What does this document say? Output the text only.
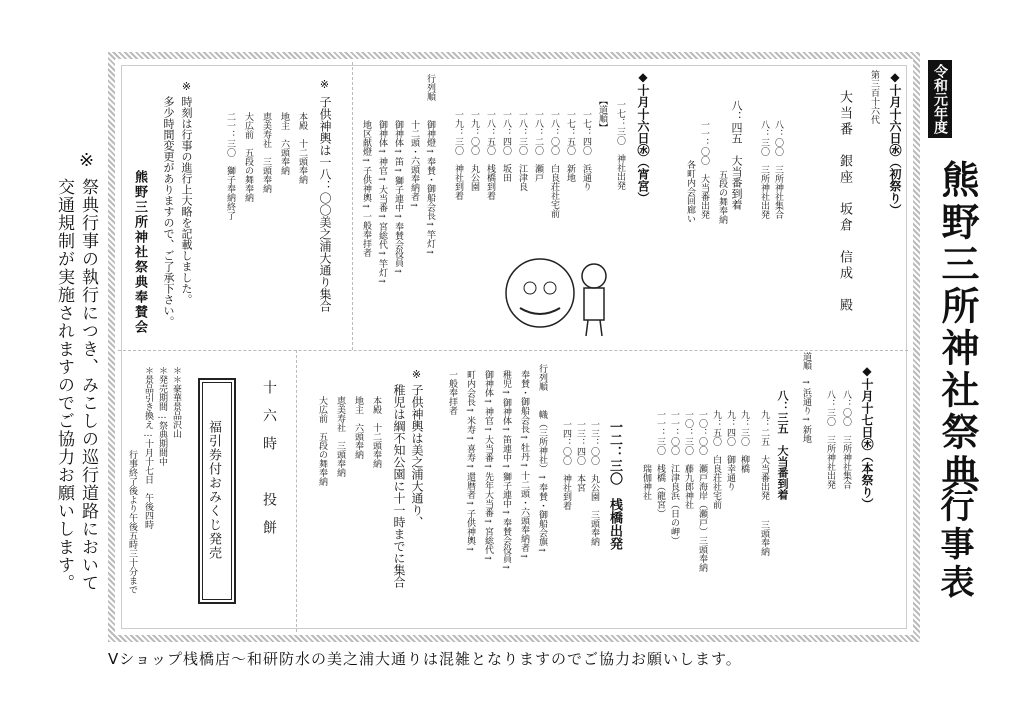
令和元年度
熊野三所神社祭典
行事表
※
祭典行事の執行につき、みこしの巡行道路において
交通規制が実施されますのでご協力お願いします。
◆十月十六日㊌（初祭り）
第三百十六代
大当番　銀座　坂倉　信成　殿
八：〇〇　三所神社集合
八：三〇　三所神社出発
八：四五　大当番到着
五段の舞奉納
一一：〇〇　大当番出発
各町内会回廊い
◆十月十六日㊌（宵宮）
一七：三〇　神社出発
【道順】
一七：四〇　浜通り
一七：五〇　新地
一八：〇〇　白良荘社宅前
一八：二〇　瀬戸
一八：三〇　江津良
一八：四〇　坂田
一八：五〇　桟橋到着
一九：〇〇　丸公園
一九：三〇　神社到着
行列順
御神燈→奉賛・御船会長→竿灯→
十二頭・六頭奉納者→
御神体→笛→獅子連中→奉賛会役員→
御神体→神官→大当番→宮総代→竿灯→
地区献燈→子供神輿→一般奉拝者
※
子供神輿は一八：〇〇美之浦大通り集合
本殿　十二頭奉納
地主　六頭奉納
恵美寿社　三頭奉納
大広前　五段の舞奉納
二一：三〇　獅子奉納終了
※
時刻は行事の進行上大略を記載しました。
多少時間変更がありますので、ご了承下さい。
熊野三所神社祭典奉賛会
◆十月十七日㊍（本祭り）
八：〇〇　三所神社集合
八：三〇　三所神社出発
道順
→浜通り→新地
八：三五　大当番到着
九：二五　大当番出発
三頭奉納
九：三〇　柳橋
九：四〇　御幸通り
九：五〇　白良荘社宅前
一〇：〇〇　瀬戸海岸（瀬戸）三頭奉納
一〇：三〇　藤九郎神社
一一：〇〇　江津良浜（日の岬）
一一：三〇　桟橋（龍宮）
　　　　　　瑞伽神社
一二：三〇　桟橋出発
一三：〇〇　丸公園　三頭奉納
一三：四〇　本宮
一四：〇〇　神社到着
行列順
幟（三所神社）→奉賛・御船会旗→
奉賛・御船会長→牡丹→十二頭・六頭奉納者→
稚児→御神体→笛連中→獅子連中→奉賛会役員→
御神体→神官→大当番→先年大当番→宮総代→
町内会長→米寿→喜寿→還暦者→子供神輿→
一般奉拝者
※
子供神輿は美之浦大通り、
稚児は綱不知公園に十一時までに集合
本殿　十二頭奉納
地主　六頭奉納
恵美寿社　三頭奉納
大広前　五段の舞奉納
十六時　投餅
福引券付おみくじ発売
＊＊豪華景品沢山
＊発売期間…祭典期間中
＊景品引き換え…十月十七日　午後四時
行事終了後より午後五時三十分まで
Vショップ桟橋店～和研防水の美之浦大通りは混雑となりますのでご協力お願いします。
